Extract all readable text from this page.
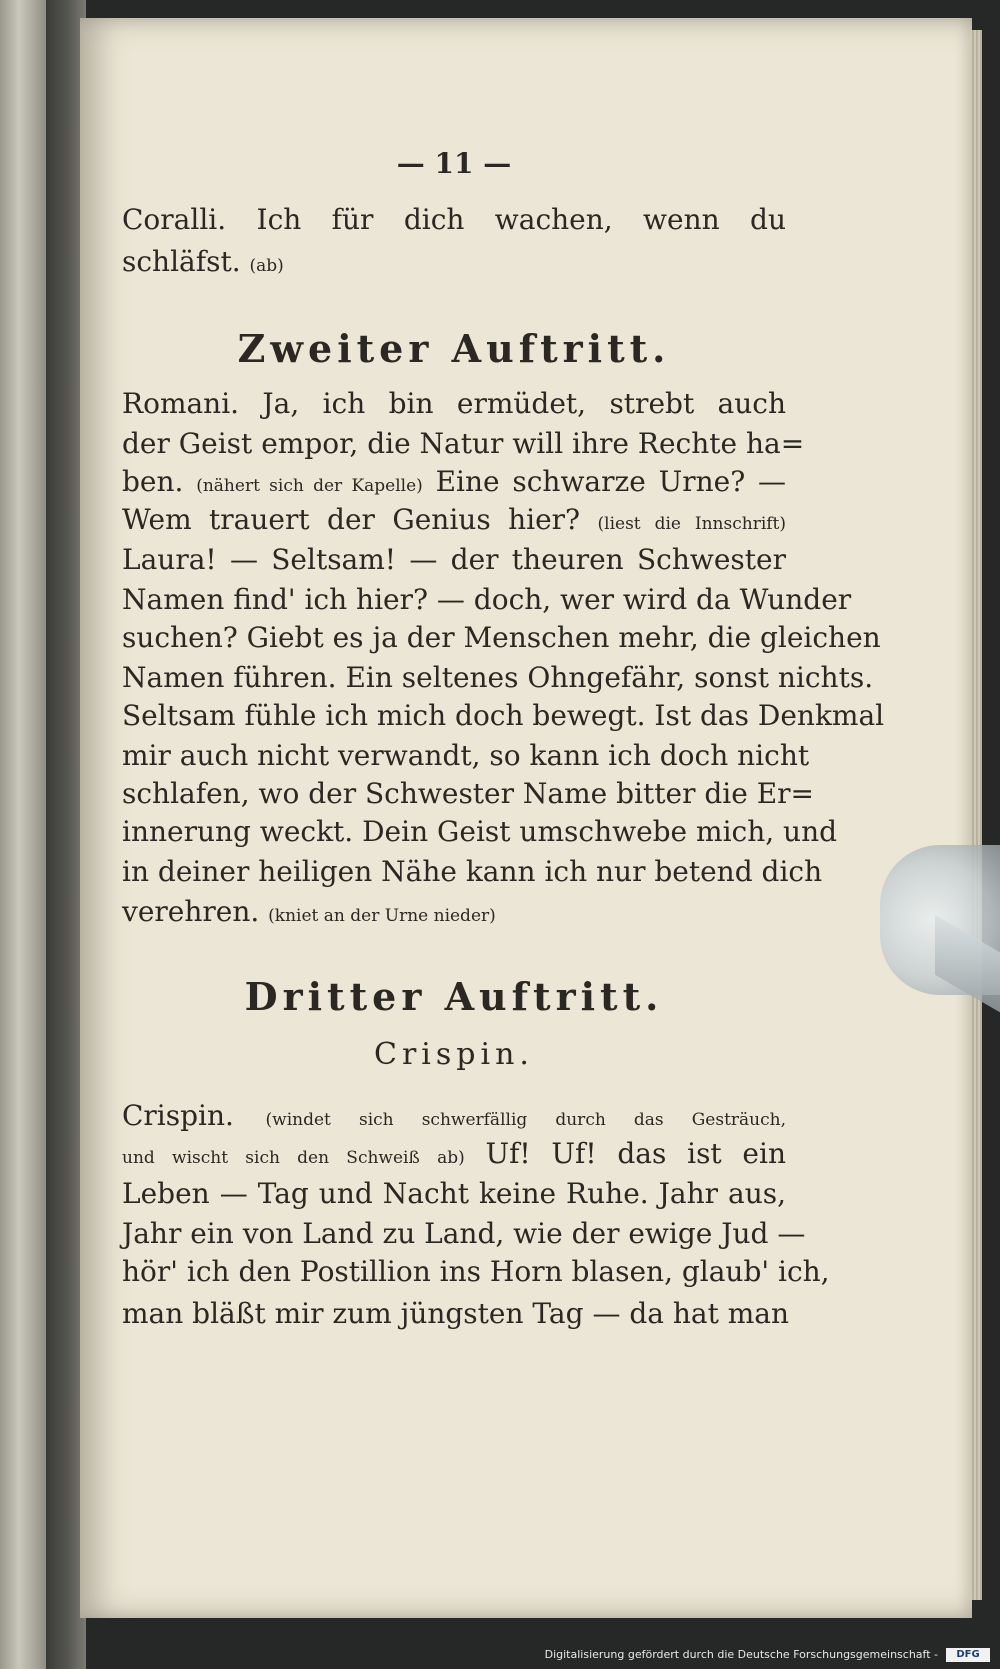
— 11 —

Coralli. Ich für dich wachen, wenn du

schläfst. (ab)

Zweiter Auftritt.

Romani. Ja, ich bin ermüdet, strebt auch

der Geist empor, die Natur will ihre Rechte ha=

ben. (nähert sich der Kapelle) Eine schwarze Urne? —

Wem trauert der Genius hier? (liest die Innschrift)

Laura! — Seltsam! — der theuren Schwester

Namen find' ich hier? — doch, wer wird da Wunder

suchen? Giebt es ja der Menschen mehr, die gleichen

Namen führen. Ein seltenes Ohngefähr, sonst nichts.

Seltsam fühle ich mich doch bewegt. Ist das Denkmal

mir auch nicht verwandt, so kann ich doch nicht

schlafen, wo der Schwester Name bitter die Er=

innerung weckt. Dein Geist umschwebe mich, und

in deiner heiligen Nähe kann ich nur betend dich

verehren. (kniet an der Urne nieder)

Dritter Auftritt.

Crispin.

Crispin. (windet sich schwerfällig durch das Gesträuch,

und wischt sich den Schweiß ab) Uf! Uf! das ist ein

Leben — Tag und Nacht keine Ruhe. Jahr aus,

Jahr ein von Land zu Land, wie der ewige Jud —

hör' ich den Postillion ins Horn blasen, glaub' ich,

man bläßt mir zum jüngsten Tag — da hat man

Digitalisierung gefördert durch die Deutsche Forschungsgemeinschaft -	DFG
